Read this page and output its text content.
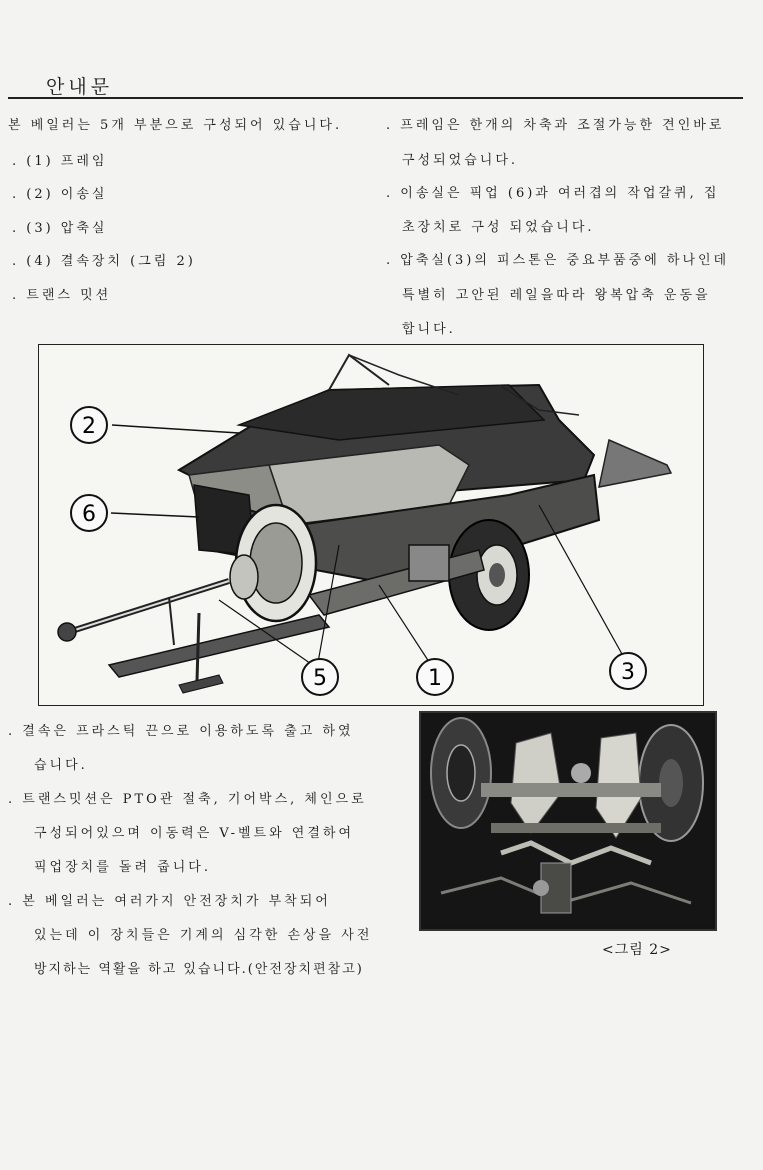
안내문
본 베일러는 5개 부분으로 구성되어 있습니다.
. (1) 프레임
. (2) 이송실
. (3) 압축실
. (4) 결속장치 (그림 2)
. 트랜스 밋션
. 프레임은 한개의 차축과 조절가능한 견인바로
구성되었습니다.
. 이송실은 픽업 (6)과 여러겹의 작업갈퀴, 집
초장치로 구성 되었습니다.
. 압축실(3)의 피스톤은 중요부품중에 하나인데
특별히 고안된 레일을따라 왕복압축 운동을
합니다.
2
6
5	1	3
. 결속은 프라스틱 끈으로 이용하도록 출고 하였
습니다.
. 트랜스밋션은 PTO관 절축, 기어박스, 체인으로
구성되어있으며 이동력은 V-벨트와 연결하여
픽업장치를 돌려 줍니다.
. 본 베일러는 여러가지 안전장치가 부착되어
있는데 이 장치들은 기계의 심각한 손상을 사전
방지하는 역활을 하고 있습니다.(안전장치편참고)
<그림 2>
